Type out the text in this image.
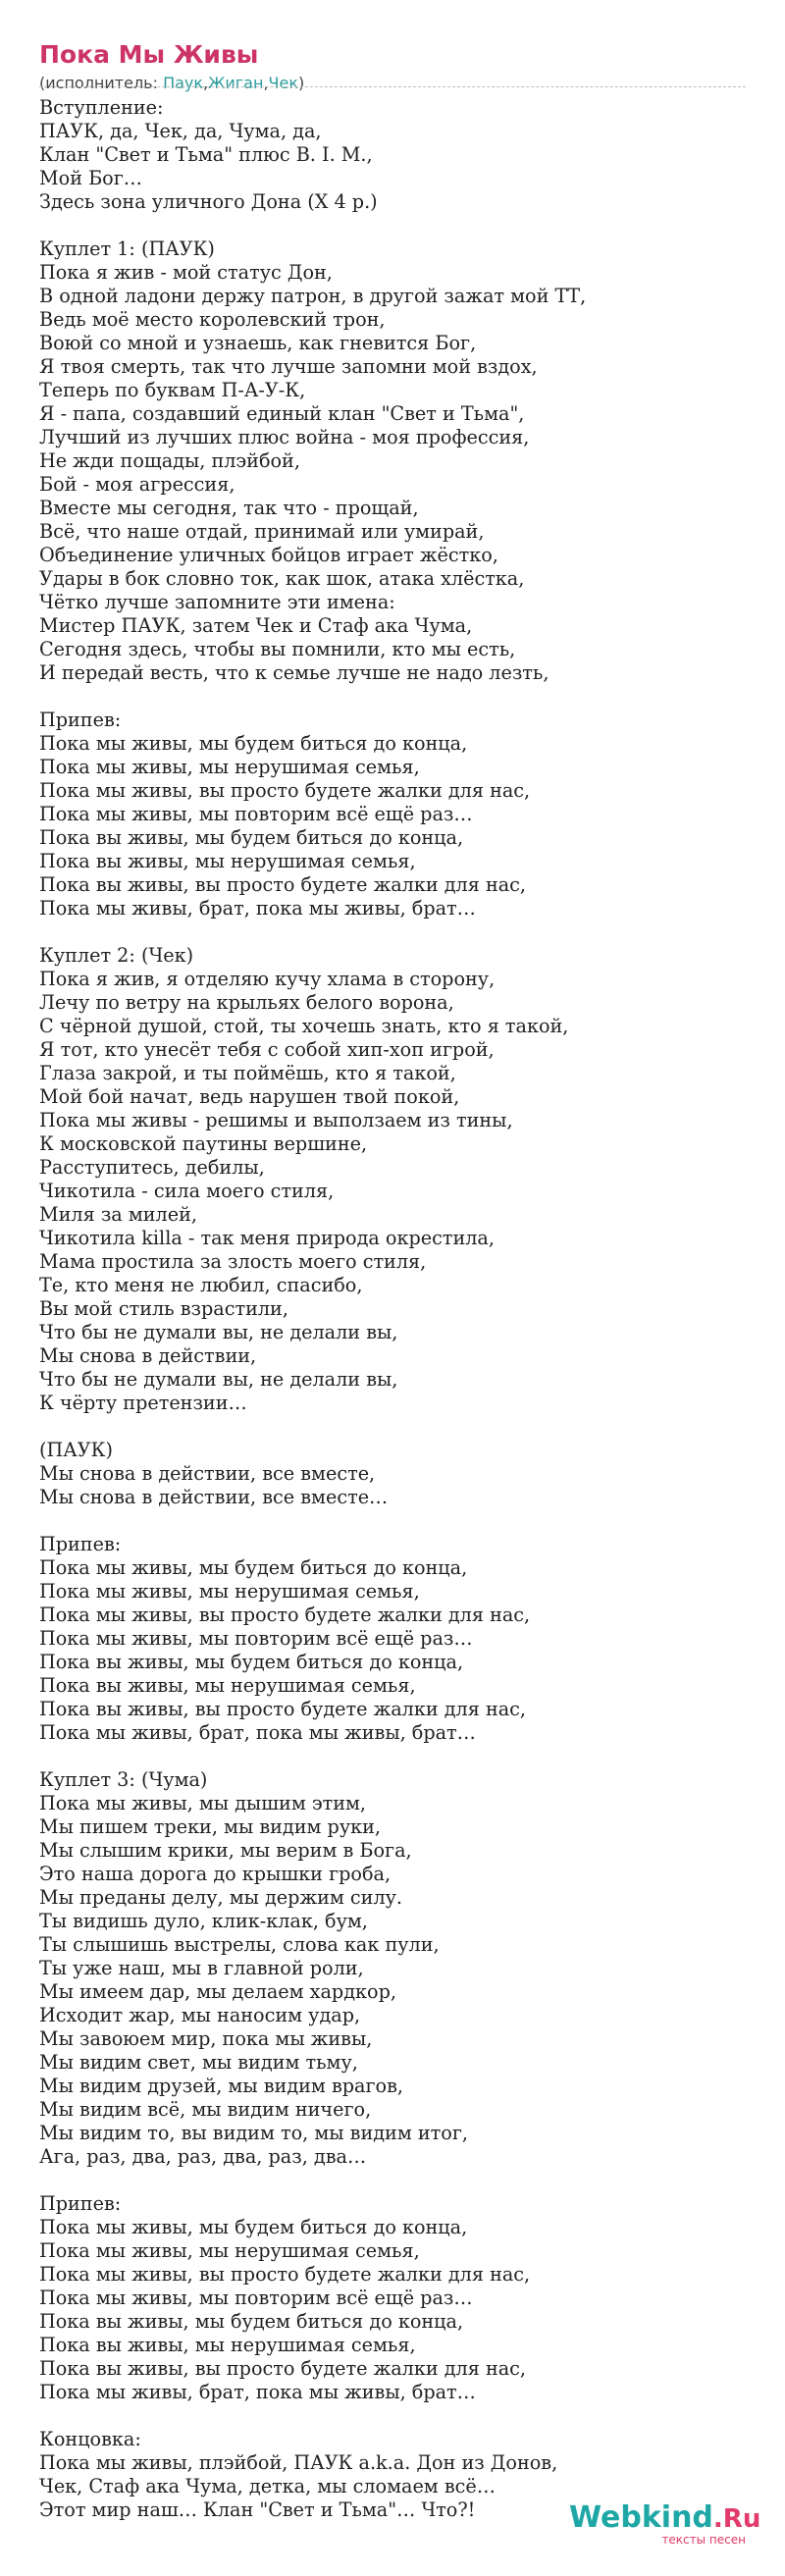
Пока Мы Живы
(исполнитель: Паук,Жиган,Чек)
Вступление:
ПАУК, да, Чек, да, Чума, да,
Клан "Свет и Тьма" плюс B. I. M.,
Мой Бог…
Здесь зона уличного Дона (X 4 р.)
Куплет 1: (ПАУК)
Пока я жив - мой статус Дон,
В одной ладони держу патрон, в другой зажат мой ТТ,
Ведь моё место королевский трон,
Воюй со мной и узнаешь, как гневится Бог,
Я твоя смерть, так что лучше запомни мой вздох,
Теперь по буквам П-А-У-К,
Я - папа, создавший единый клан "Свет и Тьма",
Лучший из лучших плюс война - моя профессия,
Не жди пощады, плэйбой,
Бой - моя агрессия,
Вместе мы сегодня, так что - прощай,
Всё, что наше отдай, принимай или умирай,
Объединение уличных бойцов играет жёстко,
Удары в бок словно ток, как шок, атака хлёстка,
Чётко лучше запомните эти имена:
Мистер ПАУК, затем Чек и Стаф ака Чума,
Сегодня здесь, чтобы вы помнили, кто мы есть,
И передай весть, что к семье лучше не надо лезть,
Припев:
Пока мы живы, мы будем биться до конца,
Пока мы живы, мы нерушимая семья,
Пока мы живы, вы просто будете жалки для нас,
Пока мы живы, мы повторим всё ещё раз…
Пока вы живы, мы будем биться до конца,
Пока вы живы, мы нерушимая семья,
Пока вы живы, вы просто будете жалки для нас,
Пока мы живы, брат, пока мы живы, брат…
Куплет 2: (Чек)
Пока я жив, я отделяю кучу хлама в сторону,
Лечу по ветру на крыльях белого ворона,
С чёрной душой, стой, ты хочешь знать, кто я такой,
Я тот, кто унесёт тебя с собой хип-хоп игрой,
Глаза закрой, и ты поймёшь, кто я такой,
Мой бой начат, ведь нарушен твой покой,
Пока мы живы - решимы и выползаем из тины,
К московской паутины вершине,
Расступитесь, дебилы,
Чикотила - сила моего стиля,
Миля за милей,
Чикотила killa - так меня природа окрестила,
Мама простила за злость моего стиля,
Те, кто меня не любил, спасибо,
Вы мой стиль взрастили,
Что бы не думали вы, не делали вы,
Мы снова в действии,
Что бы не думали вы, не делали вы,
К чёрту претензии…
(ПАУК)
Мы снова в действии, все вместе,
Мы снова в действии, все вместе…
Припев:
Пока мы живы, мы будем биться до конца,
Пока мы живы, мы нерушимая семья,
Пока мы живы, вы просто будете жалки для нас,
Пока мы живы, мы повторим всё ещё раз…
Пока вы живы, мы будем биться до конца,
Пока вы живы, мы нерушимая семья,
Пока вы живы, вы просто будете жалки для нас,
Пока мы живы, брат, пока мы живы, брат…
Куплет 3: (Чума)
Пока мы живы, мы дышим этим,
Мы пишем треки, мы видим руки,
Мы слышим крики, мы верим в Бога,
Это наша дорога до крышки гроба,
Мы преданы делу, мы держим силу.
Ты видишь дуло, клик-клак, бум,
Ты слышишь выстрелы, слова как пули,
Ты уже наш, мы в главной роли,
Мы имеем дар, мы делаем хардкор,
Исходит жар, мы наносим удар,
Мы завоюем мир, пока мы живы,
Мы видим свет, мы видим тьму,
Мы видим друзей, мы видим врагов,
Мы видим всё, мы видим ничего,
Мы видим то, вы видим то, мы видим итог,
Ага, раз, два, раз, два, раз, два…
Припев:
Пока мы живы, мы будем биться до конца,
Пока мы живы, мы нерушимая семья,
Пока мы живы, вы просто будете жалки для нас,
Пока мы живы, мы повторим всё ещё раз…
Пока вы живы, мы будем биться до конца,
Пока вы живы, мы нерушимая семья,
Пока вы живы, вы просто будете жалки для нас,
Пока мы живы, брат, пока мы живы, брат…
Концовка:
Пока мы живы, плэйбой, ПАУК a.k.a. Дон из Донов,
Чек, Стаф ака Чума, детка, мы сломаем всё…
Этот мир наш… Клан "Свет и Тьма"… Что?!	Webkind.Ru
тексты песен
